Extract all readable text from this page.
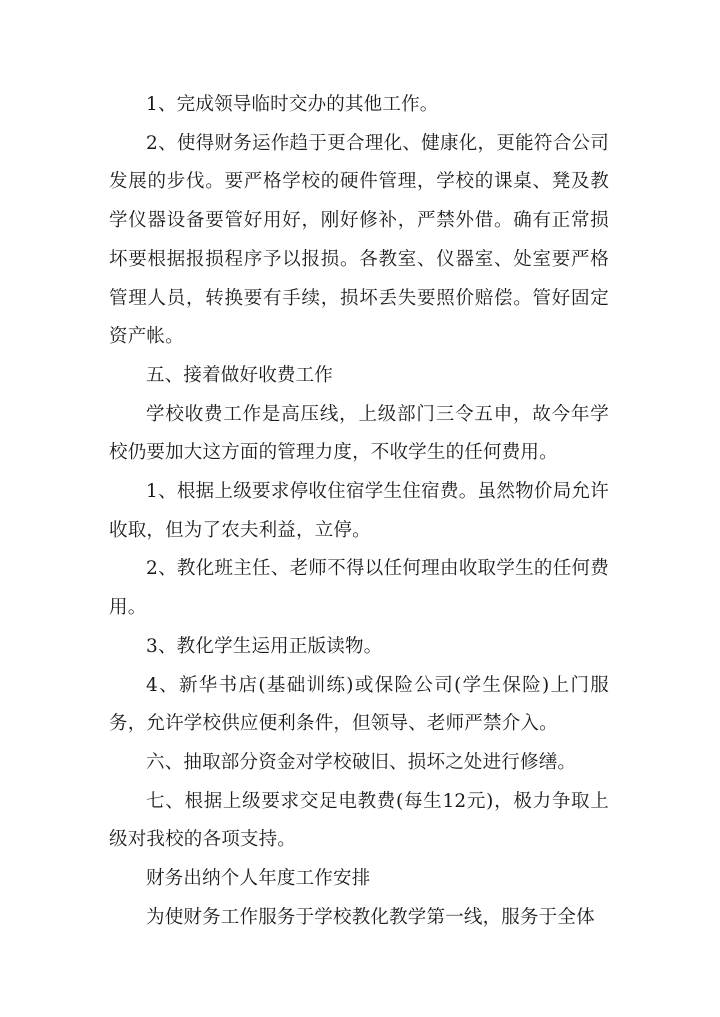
1、完成领导临时交办的其他工作。

2、使得财务运作趋于更合理化、健康化，更能符合公司发展的步伐。要严格学校的硬件管理，学校的课桌、凳及教学仪器设备要管好用好，刚好修补，严禁外借。确有正常损坏要根据报损程序予以报损。各教室、仪器室、处室要严格管理人员，转换要有手续，损坏丢失要照价赔偿。管好固定资产帐。

五、接着做好收费工作

学校收费工作是高压线，上级部门三令五申，故今年学校仍要加大这方面的管理力度，不收学生的任何费用。

1、根据上级要求停收住宿学生住宿费。虽然物价局允许收取，但为了农夫利益，立停。

2、教化班主任、老师不得以任何理由收取学生的任何费用。

3、教化学生运用正版读物。

4、新华书店(基础训练)或保险公司(学生保险)上门服务，允许学校供应便利条件，但领导、老师严禁介入。

六、抽取部分资金对学校破旧、损坏之处进行修缮。

七、根据上级要求交足电教费(每生12元)，极力争取上级对我校的各项支持。

财务出纳个人年度工作安排

为使财务工作服务于学校教化教学第一线，服务于全体
